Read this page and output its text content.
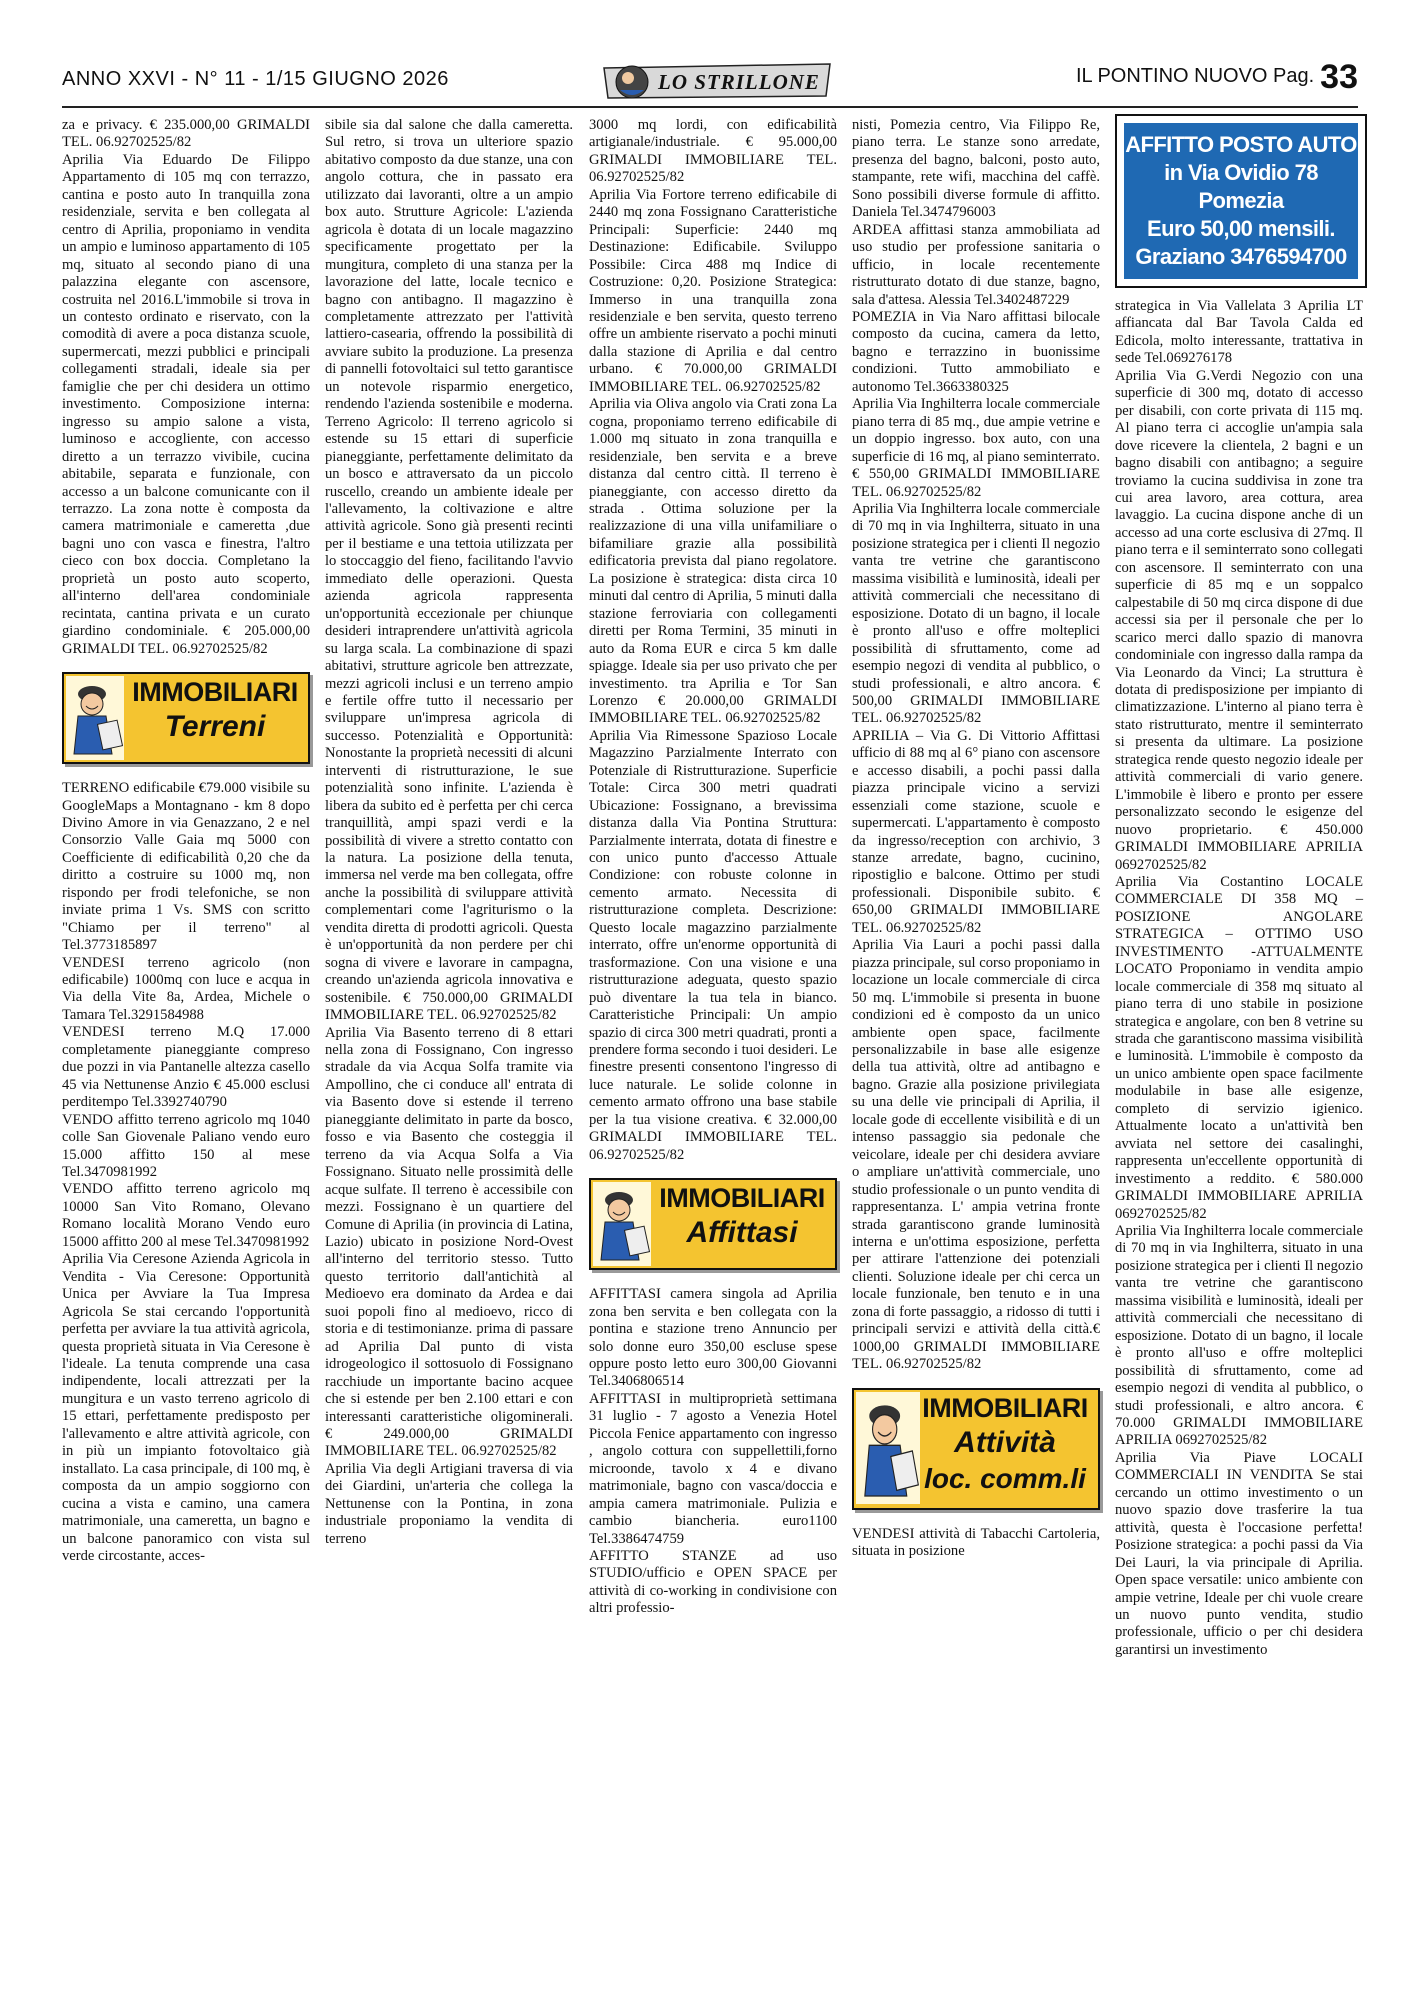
ANNO XXVI - N° 11 - 1/15 GIUGNO 2026	LO STRILLONE	IL PONTINO NUOVO Pag. 33

za e privacy. € 235.000,00 GRIMALDI TEL. 06.92702525/82

Aprilia Via Eduardo De Filippo Appartamento di 105 mq con terrazzo, cantina e posto auto In tranquilla zona residenziale, servita e ben collegata al centro di Aprilia, proponiamo in vendita un ampio e luminoso appartamento di 105 mq, situato al secondo piano di una palazzina elegante con ascensore, costruita nel 2016.L'immobile si trova in un contesto ordinato e riservato, con la comodità di avere a poca distanza scuole, supermercati, mezzi pubblici e principali collegamenti stradali, ideale sia per famiglie che per chi desidera un ottimo investimento. Composizione interna: ingresso su ampio salone a vista, luminoso e accogliente, con accesso diretto a un terrazzo vivibile, cucina abitabile, separata e funzionale, con accesso a un balcone comunicante con il terrazzo. La zona notte è composta da camera matrimoniale e cameretta ,due bagni uno con vasca e finestra, l'altro cieco con box doccia. Completano la proprietà un posto auto scoperto, all'interno dell'area condominiale recintata, cantina privata e un curato giardino condominiale. € 205.000,00 GRIMALDI TEL. 06.92702525/82

IMMOBILIARI
Terreni

TERRENO edificabile €79.000 visibile su GoogleMaps a Montagnano - km 8 dopo Divino Amore in via Genazzano, 2 e nel Consorzio Valle Gaia mq 5000 con Coefficiente di edificabilità 0,20 che da diritto a costruire su 1000 mq, non rispondo per frodi telefoniche, se non inviate prima 1 Vs. SMS con scritto "Chiamo per il terreno" al Tel.3773185897

VENDESI terreno agricolo (non edificabile) 1000mq con luce e acqua in Via della Vite 8a, Ardea, Michele o Tamara Tel.3291584988

VENDESI terreno M.Q 17.000 completamente pianeggiante compreso due pozzi in via Pantanelle altezza casello 45 via Nettunense Anzio € 45.000 esclusi perditempo Tel.3392740790

VENDO affitto terreno agricolo mq 1040 colle San Giovenale Paliano vendo euro 15.000 affitto 150 al mese Tel.3470981992

VENDO affitto terreno agricolo mq 10000 San Vito Romano, Olevano Romano località Morano Vendo euro 15000 affitto 200 al mese Tel.3470981992

Aprilia Via Ceresone Azienda Agricola in Vendita - Via Ceresone: Opportunità Unica per Avviare la Tua Impresa Agricola Se stai cercando l'opportunità perfetta per avviare la tua attività agricola, questa proprietà situata in Via Ceresone è l'ideale. La tenuta comprende una casa indipendente, locali attrezzati per la mungitura e un vasto terreno agricolo di 15 ettari, perfettamente predisposto per l'allevamento e altre attività agricole, con in più un impianto fotovoltaico già installato. La casa principale, di 100 mq, è composta da un ampio soggiorno con cucina a vista e camino, una camera matrimoniale, una cameretta, un bagno e un balcone panoramico con vista sul verde circostante, acces-

sibile sia dal salone che dalla cameretta. Sul retro, si trova un ulteriore spazio abitativo composto da due stanze, una con angolo cottura, che in passato era utilizzato dai lavoranti, oltre a un ampio box auto. Strutture Agricole: L'azienda agricola è dotata di un locale magazzino specificamente progettato per la mungitura, completo di una stanza per la lavorazione del latte, locale tecnico e bagno con antibagno. Il magazzino è completamente attrezzato per l'attività lattiero-casearia, offrendo la possibilità di avviare subito la produzione. La presenza di pannelli fotovoltaici sul tetto garantisce un notevole risparmio energetico, rendendo l'azienda sostenibile e moderna. Terreno Agricolo: Il terreno agricolo si estende su 15 ettari di superficie pianeggiante, perfettamente delimitato da un bosco e attraversato da un piccolo ruscello, creando un ambiente ideale per l'allevamento, la coltivazione e altre attività agricole. Sono già presenti recinti per il bestiame e una tettoia utilizzata per lo stoccaggio del fieno, facilitando l'avvio immediato delle operazioni. Questa azienda agricola rappresenta un'opportunità eccezionale per chiunque desideri intraprendere un'attività agricola su larga scala. La combinazione di spazi abitativi, strutture agricole ben attrezzate, mezzi agricoli inclusi e un terreno ampio e fertile offre tutto il necessario per sviluppare un'impresa agricola di successo. Potenzialità e Opportunità: Nonostante la proprietà necessiti di alcuni interventi di ristrutturazione, le sue potenzialità sono infinite. L'azienda è libera da subito ed è perfetta per chi cerca tranquillità, ampi spazi verdi e la possibilità di vivere a stretto contatto con la natura. La posizione della tenuta, immersa nel verde ma ben collegata, offre anche la possibilità di sviluppare attività complementari come l'agriturismo o la vendita diretta di prodotti agricoli. Questa è un'opportunità da non perdere per chi sogna di vivere e lavorare in campagna, creando un'azienda agricola innovativa e sostenibile. € 750.000,00 GRIMALDI IMMOBILIARE TEL. 06.92702525/82

Aprilia Via Basento terreno di 8 ettari nella zona di Fossignano, Con ingresso stradale da via Acqua Solfa tramite via Ampollino, che ci conduce all' entrata di via Basento dove si estende il terreno pianeggiante delimitato in parte da bosco, fosso e via Basento che costeggia il terreno da via Acqua Solfa a Via Fossignano. Situato nelle prossimità delle acque sulfate. Il terreno è accessibile con mezzi. Fossignano è un quartiere del Comune di Aprilia (in provincia di Latina, Lazio) ubicato in posizione Nord-Ovest all'interno del territorio stesso. Tutto questo territorio dall'antichità al Medioevo era dominato da Ardea e dai suoi popoli fino al medioevo, ricco di storia e di testimonianze. prima di passare ad Aprilia Dal punto di vista idrogeologico il sottosuolo di Fossignano racchiude un importante bacino acquee che si estende per ben 2.100 ettari e con interessanti caratteristiche oligominerali. € 249.000,00 GRIMALDI IMMOBILIARE TEL. 06.92702525/82

Aprilia Via degli Artigiani traversa di via dei Giardini, un'arteria che collega la Nettunense con la Pontina, in zona industriale proponiamo la vendita di terreno

3000 mq lordi, con edificabilità artigianale/industriale. € 95.000,00 GRIMALDI IMMOBILIARE TEL. 06.92702525/82

Aprilia Via Fortore terreno edificabile di 2440 mq zona Fossignano Caratteristiche Principali: Superficie: 2440 mq Destinazione: Edificabile. Sviluppo Possibile: Circa 488 mq Indice di Costruzione: 0,20. Posizione Strategica: Immerso in una tranquilla zona residenziale e ben servita, questo terreno offre un ambiente riservato a pochi minuti dalla stazione di Aprilia e dal centro urbano. € 70.000,00 GRIMALDI IMMOBILIARE TEL. 06.92702525/82

Aprilia via Oliva angolo via Crati zona La cogna, proponiamo terreno edificabile di 1.000 mq situato in zona tranquilla e residenziale, ben servita e a breve distanza dal centro città. Il terreno è pianeggiante, con accesso diretto da strada . Ottima soluzione per la realizzazione di una villa unifamiliare o bifamiliare grazie alla possibilità edificatoria prevista dal piano regolatore. La posizione è strategica: dista circa 10 minuti dal centro di Aprilia, 5 minuti dalla stazione ferroviaria con collegamenti diretti per Roma Termini, 35 minuti in auto da Roma EUR e circa 5 km dalle spiagge. Ideale sia per uso privato che per investimento. tra Aprilia e Tor San Lorenzo € 20.000,00 GRIMALDI IMMOBILIARE TEL. 06.92702525/82

Aprilia Via Rimessone Spazioso Locale Magazzino Parzialmente Interrato con Potenziale di Ristrutturazione. Superficie Totale: Circa 300 metri quadrati Ubicazione: Fossignano, a brevissima distanza dalla Via Pontina Struttura: Parzialmente interrata, dotata di finestre e con unico punto d'accesso Attuale Condizione: con robuste colonne in cemento armato. Necessita di ristrutturazione completa. Descrizione: Questo locale magazzino parzialmente interrato, offre un'enorme opportunità di trasformazione. Con una visione e una ristrutturazione adeguata, questo spazio può diventare la tua tela in bianco. Caratteristiche Principali: Un ampio spazio di circa 300 metri quadrati, pronti a prendere forma secondo i tuoi desideri. Le finestre presenti consentono l'ingresso di luce naturale. Le solide colonne in cemento armato offrono una base stabile per la tua visione creativa. € 32.000,00 GRIMALDI IMMOBILIARE TEL. 06.92702525/82

IMMOBILIARI
Affittasi

AFFITTASI camera singola ad Aprilia zona ben servita e ben collegata con la pontina e stazione treno Annuncio per solo donne euro 350,00 escluse spese oppure posto letto euro 300,00 Giovanni Tel.3406806514

AFFITTASI in multiproprietà settimana 31 luglio - 7 agosto a Venezia Hotel Piccola Fenice appartamento con ingresso , angolo cottura con suppellettili,forno microonde, tavolo x 4 e divano matrimoniale, bagno con vasca/doccia e ampia camera matrimoniale. Pulizia e cambio biancheria. euro1100 Tel.3386474759

AFFITTO STANZE ad uso STUDIO/ufficio e OPEN SPACE per attività di co-working in condivisione con altri professio-

nisti, Pomezia centro, Via Filippo Re, piano terra. Le stanze sono arredate, presenza del bagno, balconi, posto auto, stampante, rete wifi, macchina del caffè. Sono possibili diverse formule di affitto. Daniela Tel.3474796003

ARDEA affittasi stanza ammobiliata ad uso studio per professione sanitaria o ufficio, in locale recentemente ristrutturato dotato di due stanze, bagno, sala d'attesa. Alessia Tel.3402487229

POMEZIA in Via Naro affittasi bilocale composto da cucina, camera da letto, bagno e terrazzino in buonissime condizioni. Tutto ammobiliato e autonomo Tel.3663380325

Aprilia Via Inghilterra locale commerciale piano terra di 85 mq., due ampie vetrine e un doppio ingresso. box auto, con una superficie di 16 mq, al piano seminterrato. € 550,00 GRIMALDI IMMOBILIARE TEL. 06.92702525/82

Aprilia Via Inghilterra locale commerciale di 70 mq in via Inghilterra, situato in una posizione strategica per i clienti Il negozio vanta tre vetrine che garantiscono massima visibilità e luminosità, ideali per attività commerciali che necessitano di esposizione. Dotato di un bagno, il locale è pronto all'uso e offre molteplici possibilità di sfruttamento, come ad esempio negozi di vendita al pubblico, o studi professionali, e altro ancora. € 500,00 GRIMALDI IMMOBILIARE TEL. 06.92702525/82

APRILIA – Via G. Di Vittorio Affittasi ufficio di 88 mq al 6° piano con ascensore e accesso disabili, a pochi passi dalla piazza principale vicino a servizi essenziali come stazione, scuole e supermercati. L'appartamento è composto da ingresso/reception con archivio, 3 stanze arredate, bagno, cucinino, ripostiglio e balcone. Ottimo per studi professionali. Disponibile subito. € 650,00 GRIMALDI IMMOBILIARE TEL. 06.92702525/82

Aprilia Via Lauri a pochi passi dalla piazza principale, sul corso proponiamo in locazione un locale commerciale di circa 50 mq. L'immobile si presenta in buone condizioni ed è composto da un unico ambiente open space, facilmente personalizzabile in base alle esigenze della tua attività, oltre ad antibagno e bagno. Grazie alla posizione privilegiata su una delle vie principali di Aprilia, il locale gode di eccellente visibilità e di un intenso passaggio sia pedonale che veicolare, ideale per chi desidera avviare o ampliare un'attività commerciale, uno studio professionale o un punto vendita di rappresentanza. L' ampia vetrina fronte strada garantiscono grande luminosità interna e un'ottima esposizione, perfetta per attirare l'attenzione dei potenziali clienti. Soluzione ideale per chi cerca un locale funzionale, ben tenuto e in una zona di forte passaggio, a ridosso di tutti i principali servizi e attività della città.€ 1000,00 GRIMALDI IMMOBILIARE TEL. 06.92702525/82

IMMOBILIARI
Attività
loc. comm.li

VENDESI attività di Tabacchi Cartoleria, situata in posizione

AFFITTO POSTO AUTO
in Via Ovidio 78 Pomezia
Euro 50,00 mensili.
Graziano 3476594700

strategica in Via Vallelata 3 Aprilia LT affiancata dal Bar Tavola Calda ed Edicola, molto interessante, trattativa in sede Tel.069276178

Aprilia Via G.Verdi Negozio con una superficie di 300 mq, dotato di accesso per disabili, con corte privata di 115 mq. Al piano terra ci accoglie un'ampia sala dove ricevere la clientela, 2 bagni e un bagno disabili con antibagno; a seguire troviamo la cucina suddivisa in zone tra cui area lavoro, area cottura, area lavaggio. La cucina dispone anche di un accesso ad una corte esclusiva di 27mq. Il piano terra e il seminterrato sono collegati con ascensore. Il seminterrato con una superficie di 85 mq e un soppalco calpestabile di 50 mq circa dispone di due accessi sia per il personale che per lo scarico merci dallo spazio di manovra condominiale con ingresso dalla rampa da Via Leonardo da Vinci; La struttura è dotata di predisposizione per impianto di climatizzazione. L'interno al piano terra è stato ristrutturato, mentre il seminterrato si presenta da ultimare. La posizione strategica rende questo negozio ideale per attività commerciali di vario genere. L'immobile è libero e pronto per essere personalizzato secondo le esigenze del nuovo proprietario. € 450.000 GRIMALDI IMMOBILIARE APRILIA 0692702525/82

Aprilia Via Costantino LOCALE COMMERCIALE DI 358 MQ – POSIZIONE ANGOLARE STRATEGICA – OTTIMO USO INVESTIMENTO -ATTUALMENTE LOCATO Proponiamo in vendita ampio locale commerciale di 358 mq situato al piano terra di uno stabile in posizione strategica e angolare, con ben 8 vetrine su strada che garantiscono massima visibilità e luminosità. L'immobile è composto da un unico ambiente open space facilmente modulabile in base alle esigenze, completo di servizio igienico. Attualmente locato a un'attività ben avviata nel settore dei casalinghi, rappresenta un'eccellente opportunità di investimento a reddito. € 580.000 GRIMALDI IMMOBILIARE APRILIA 0692702525/82

Aprilia Via Inghilterra locale commerciale di 70 mq in via Inghilterra, situato in una posizione strategica per i clienti Il negozio vanta tre vetrine che garantiscono massima visibilità e luminosità, ideali per attività commerciali che necessitano di esposizione. Dotato di un bagno, il locale è pronto all'uso e offre molteplici possibilità di sfruttamento, come ad esempio negozi di vendita al pubblico, o studi professionali, e altro ancora. € 70.000 GRIMALDI IMMOBILIARE APRILIA 0692702525/82

Aprilia Via Piave LOCALI COMMERCIALI IN VENDITA Se stai cercando un ottimo investimento o un nuovo spazio dove trasferire la tua attività, questa è l'occasione perfetta! Posizione strategica: a pochi passi da Via Dei Lauri, la via principale di Aprilia. Open space versatile: unico ambiente con ampie vetrine, Ideale per chi vuole creare un nuovo punto vendita, studio professionale, ufficio o per chi desidera garantirsi un investimento
